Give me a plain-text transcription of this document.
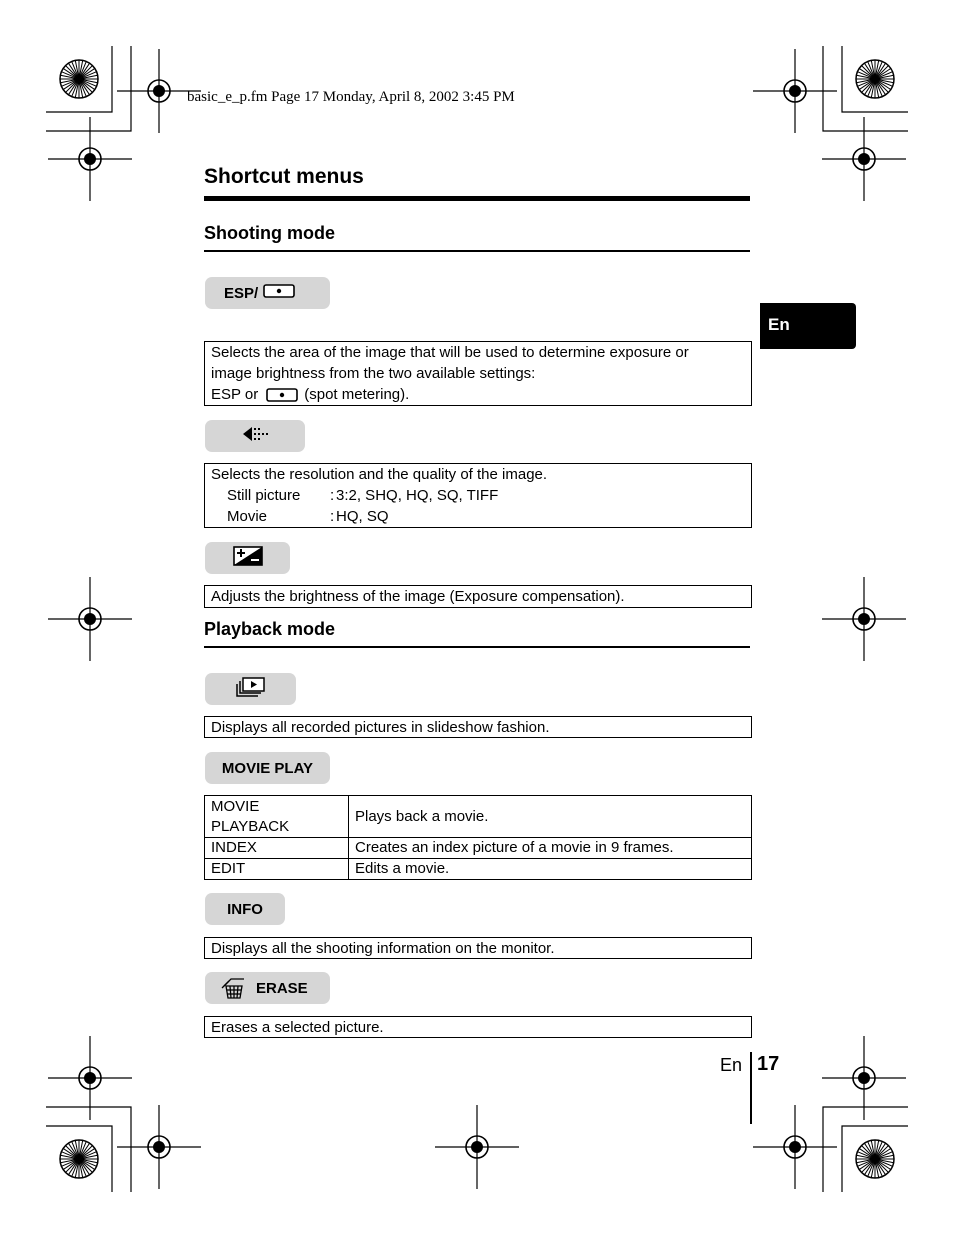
basic_e_p.fm Page 17 Monday, April 8, 2002 3:45 PM
Shortcut menus
En
Shooting mode
ESP/
Selects the area of the image that will be used to determine exposure or
image brightness from the two available settings:
ESP or	(spot metering).
Selects the resolution and the quality of the image.
Still picture	: 3:2, SHQ, HQ, SQ, TIFF
Movie	: HQ, SQ
Adjusts the brightness of the image (Exposure compensation).
Playback mode
Displays all recorded pictures in slideshow fashion.
MOVIE PLAY
MOVIE
PLAYBACK	Plays back a movie.
INDEX	Creates an index picture of a movie in 9 frames.
EDIT	Edits a movie.
INFO
Displays all the shooting information on the monitor.
ERASE
Erases a selected picture.
En 17
